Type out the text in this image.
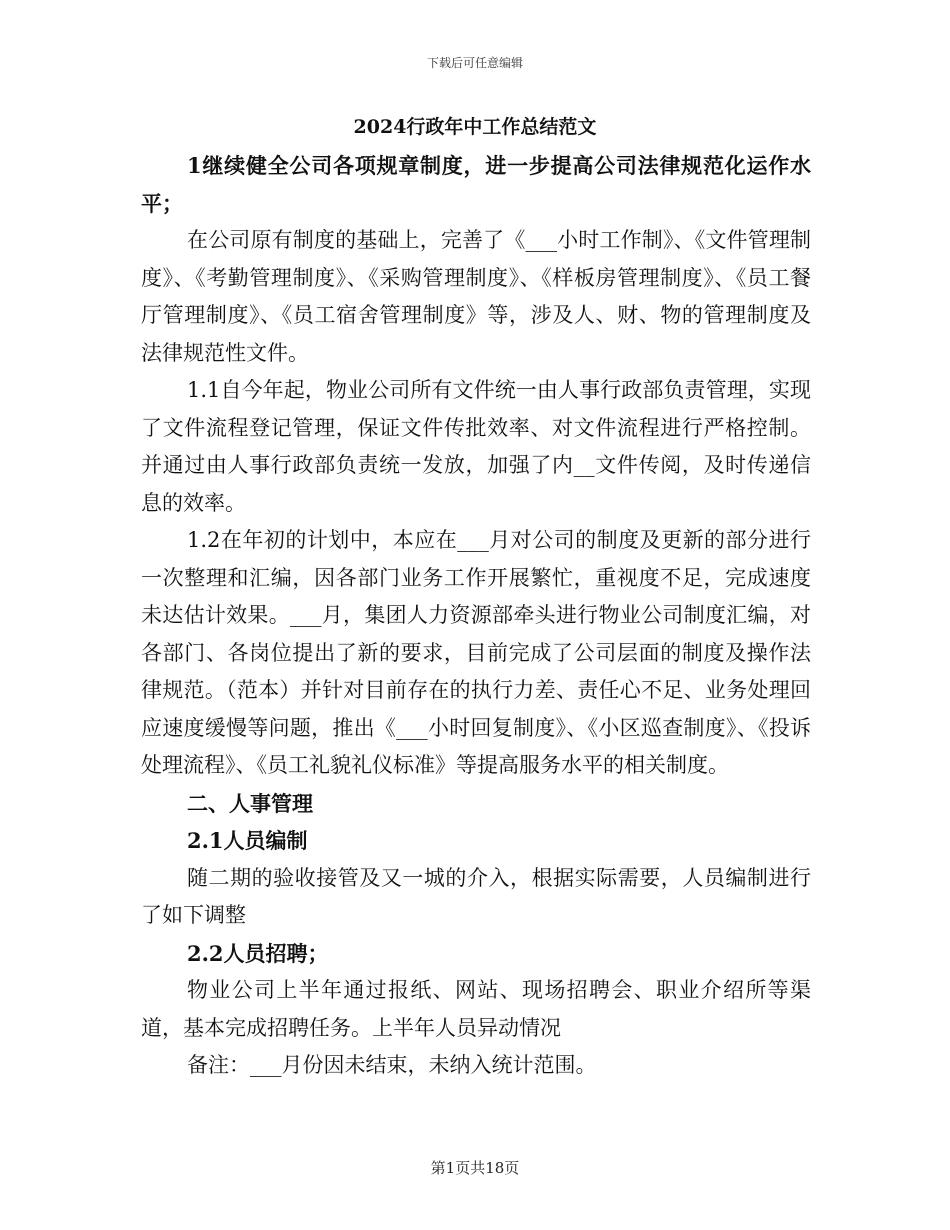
下载后可任意编辑
2024行政年中工作总结范文

1继续健全公司各项规章制度，进一步提高公司法律规范化运作水平；

在公司原有制度的基础上，完善了《___小时工作制》、《文件管理制度》、《考勤管理制度》、《采购管理制度》、《样板房管理制度》、《员工餐厅管理制度》、《员工宿舍管理制度》等，涉及人、财、物的管理制度及法律规范性文件。

1.1自今年起，物业公司所有文件统一由人事行政部负责管理，实现了文件流程登记管理，保证文件传批效率、对文件流程进行严格控制。并通过由人事行政部负责统一发放，加强了内__文件传阅，及时传递信息的效率。

1.2在年初的计划中，本应在___月对公司的制度及更新的部分进行一次整理和汇编，因各部门业务工作开展繁忙，重视度不足，完成速度未达估计效果。___月，集团人力资源部牵头进行物业公司制度汇编，对各部门、各岗位提出了新的要求，目前完成了公司层面的制度及操作法律规范。（范本）并针对目前存在的执行力差、责任心不足、业务处理回应速度缓慢等问题，推出《___小时回复制度》、《小区巡查制度》、《投诉处理流程》、《员工礼貌礼仪标准》等提高服务水平的相关制度。

二、人事管理

2.1人员编制

随二期的验收接管及又一城的介入，根据实际需要，人员编制进行了如下调整

2.2人员招聘；

物业公司上半年通过报纸、网站、现场招聘会、职业介绍所等渠道，基本完成招聘任务。上半年人员异动情况

备注：___月份因未结束，未纳入统计范围。

第1页共18页
